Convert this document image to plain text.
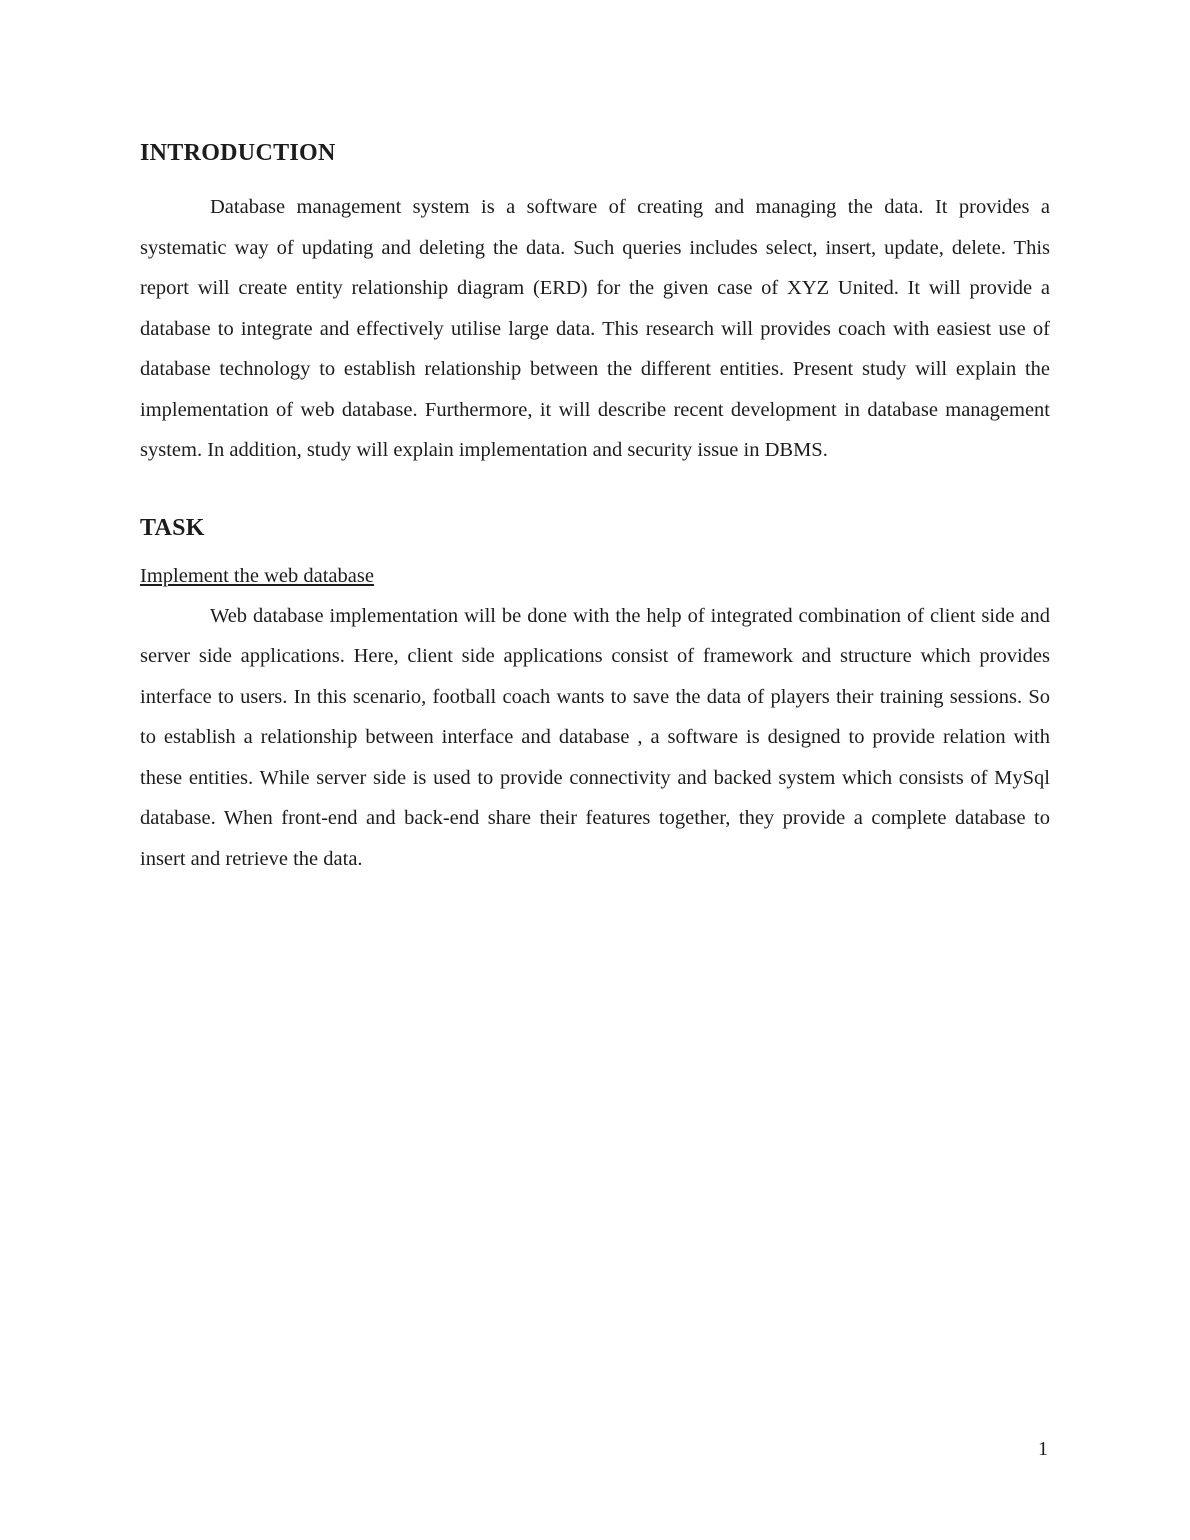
INTRODUCTION

Database management system is a software of creating and managing the data. It provides a systematic way of updating and deleting the data. Such queries includes select, insert, update, delete. This report will create entity relationship diagram (ERD) for the given case of XYZ United. It will provide a database to integrate and effectively utilise large data. This research will provides coach with easiest use of database technology to establish relationship between the different entities. Present study will explain the implementation of web database. Furthermore, it will describe recent development in database management system. In addition, study will explain implementation and security issue in DBMS.

TASK
Implement the web database

Web database implementation will be done with the help of integrated combination of client side and server side applications. Here, client side applications consist of framework and structure which provides interface to users. In this scenario, football coach wants to save the data of players their training sessions. So to establish a relationship between interface and database , a software is designed to provide relation with these entities. While server side is used to provide connectivity and backed system which consists of MySql database. When front-end and back-end share their features together, they provide a complete database to insert and retrieve the data.

1
